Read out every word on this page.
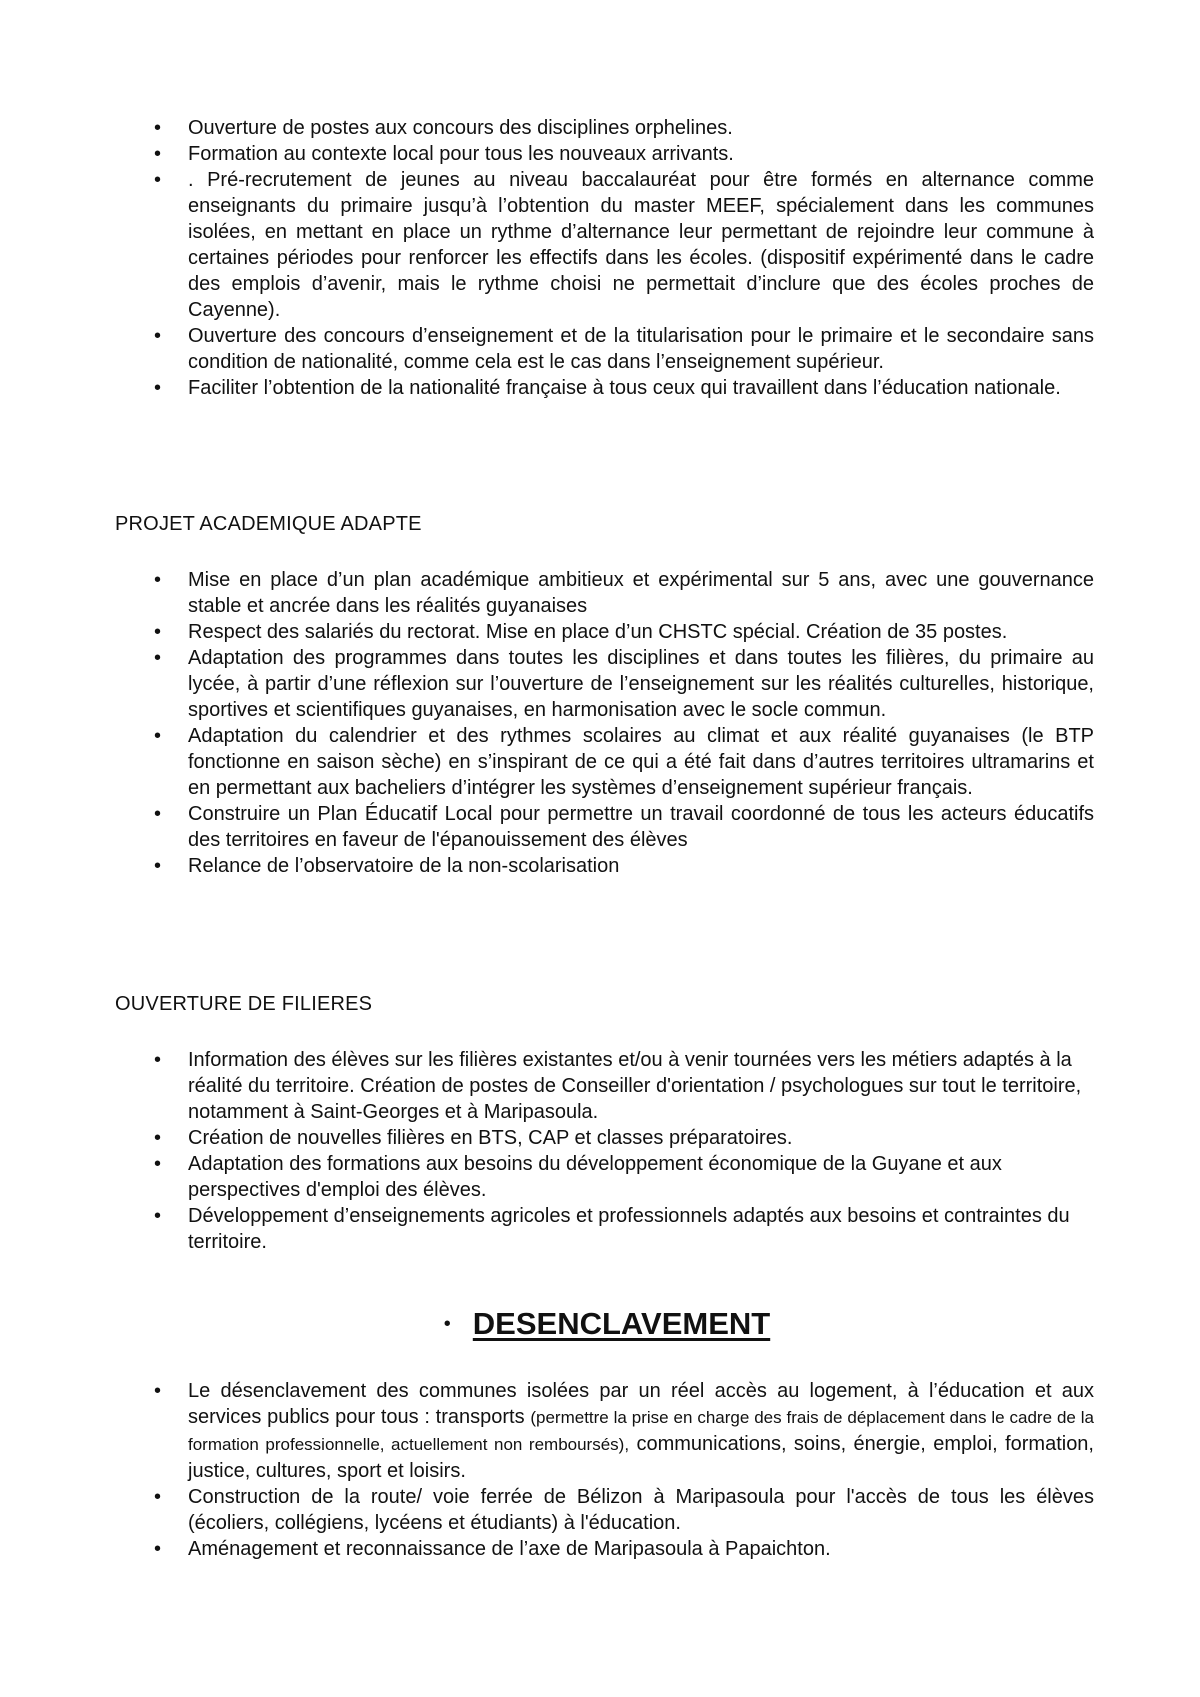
• Ouverture de postes aux concours des disciplines orphelines.
• Formation au contexte local pour tous les nouveaux arrivants.
• . Pré-recrutement de jeunes au niveau baccalauréat pour être formés en alternance comme enseignants du primaire jusqu’à l’obtention du master MEEF, spécialement dans les communes isolées, en mettant en place un rythme d’alternance leur permettant de rejoindre leur commune à certaines périodes pour renforcer les effectifs dans les écoles. (dispositif expérimenté dans le cadre des emplois d’avenir, mais le rythme choisi ne permettait d’inclure que des écoles proches de Cayenne).
• Ouverture des concours d’enseignement et de la titularisation pour le primaire et le secondaire sans condition de nationalité, comme cela est le cas dans l’enseignement supérieur.
• Faciliter l’obtention de la nationalité française à tous ceux qui travaillent dans l’éducation nationale.
PROJET ACADEMIQUE ADAPTE
• Mise en place d’un plan académique ambitieux et expérimental sur 5 ans, avec une gouvernance stable et ancrée dans les réalités guyanaises
• Respect des salariés du rectorat. Mise en place d’un CHSTC spécial. Création de 35 postes.
• Adaptation des programmes dans toutes les disciplines et dans toutes les filières, du primaire au lycée, à partir d’une réflexion sur l’ouverture de l’enseignement sur les réalités culturelles, historique, sportives et scientifiques guyanaises, en harmonisation avec le socle commun.
• Adaptation du calendrier et des rythmes scolaires au climat et aux réalité guyanaises (le BTP fonctionne en saison sèche) en s’inspirant de ce qui a été fait dans d’autres territoires ultramarins et en permettant aux bacheliers d’intégrer les systèmes d’enseignement supérieur français.
• Construire un Plan Éducatif Local pour permettre un travail coordonné de tous les acteurs éducatifs des territoires en faveur de l'épanouissement des élèves
• Relance de l’observatoire de la non-scolarisation
OUVERTURE DE FILIERES
• Information des élèves sur les filières existantes et/ou à venir tournées vers les métiers adaptés à la réalité du territoire. Création de postes de Conseiller d'orientation / psychologues sur tout le territoire, notamment à Saint-Georges et à Maripasoula.
• Création de nouvelles filières en BTS, CAP et classes préparatoires.
• Adaptation des formations aux besoins du développement économique de la Guyane et aux perspectives d'emploi des élèves.
• Développement d’enseignements agricoles et professionnels adaptés aux besoins et contraintes du territoire.
• DESENCLAVEMENT
• Le désenclavement des communes isolées par un réel accès au logement, à l’éducation et aux services publics pour tous : transports (permettre la prise en charge des frais de déplacement dans le cadre de la formation professionnelle, actuellement non remboursés), communications, soins, énergie, emploi, formation, justice, cultures, sport et loisirs.
• Construction de la route/ voie ferrée de Bélizon à Maripasoula pour l'accès de tous les élèves (écoliers, collégiens, lycéens et étudiants) à l'éducation.
• Aménagement et reconnaissance de l’axe de Maripasoula à Papaichton.
